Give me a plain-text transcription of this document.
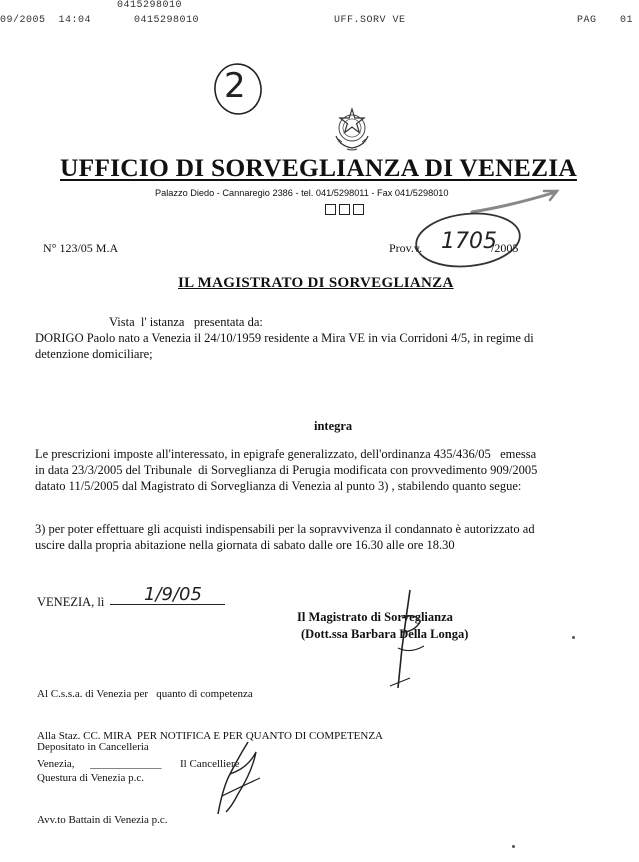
0415298010
09/2005  14:04	0415298010	UFF.SORV VE	PAG 01
2
UFFICIO DI SORVEGLIANZA DI VENEZIA
Palazzo Diedo - Cannaregio 2386 - tel. 041/5298011 - Fax 041/5298010
N° 123/05 M.A	Prov.v. 1705
/2005
IL MAGISTRATO DI SORVEGLIANZA
Vista  l' istanza   presentata da:
DORIGO Paolo nato a Venezia il 24/10/1959 residente a Mira VE in via Corridoni 4/5, in regime di
detenzione domiciliare;
integra
Le prescrizioni imposte all'interessato, in epigrafe generalizzato, dell'ordinanza 435/436/05   emessa
in data 23/3/2005 del Tribunale  di Sorveglianza di Perugia modificata con provvedimento 909/2005
datato 11/5/2005 dal Magistrato di Sorveglianza di Venezia al punto 3) , stabilendo quanto segue:
3) per poter effettuare gli acquisti indispensabili per la sopravvivenza il condannato è autorizzato ad
uscire dalla propria abitazione nella giornata di sabato dalle ore 16.30 alle ore 18.30
VENEZIA, lì 1/9/05
Il Magistrato di Sorveglianza
(Dott.ssa Barbara Della Longa)

Al C.s.s.a. di Venezia per   quanto di competenza

Alla Staz. CC. MIRA  PER NOTIFICA E PER QUANTO DI COMPETENZA

Questura di Venezia p.c.

Avv.to Battain di Venezia p.c.

Depositato in Cancelleria
Venezia, _____________ Il Cancelliere
